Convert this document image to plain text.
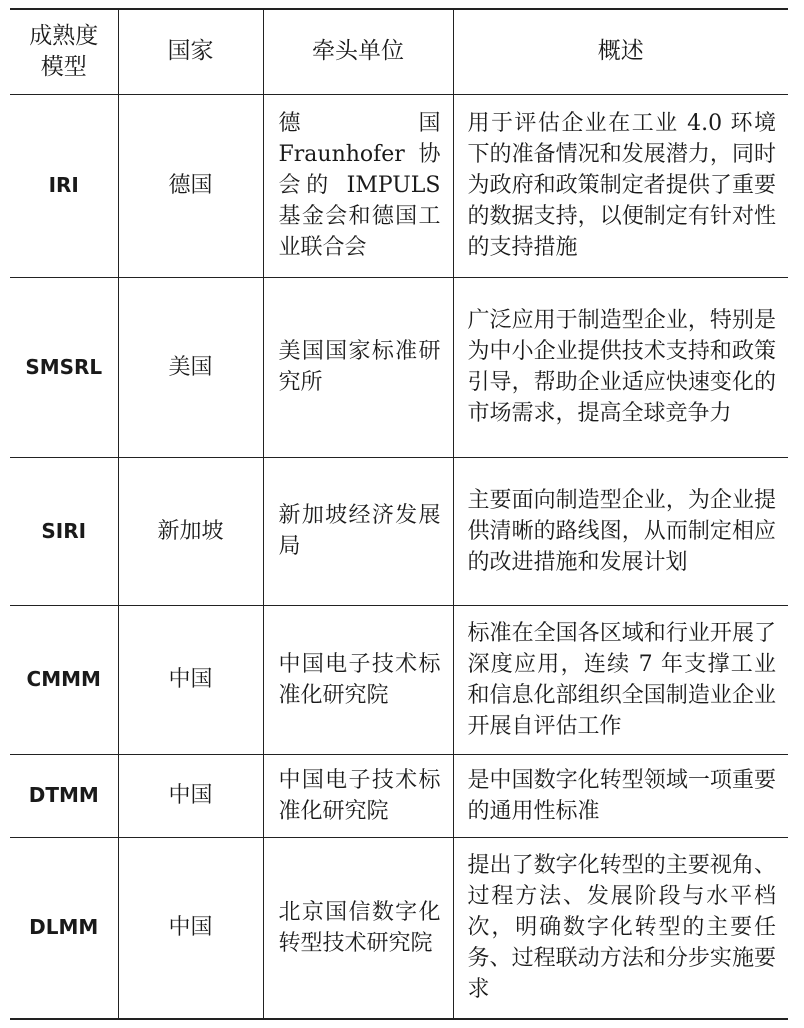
成熟度模型	国家	牵头单位	概述
IRI	德国	德国 Fraunhofer 协会的 IMPULS 基金会和德国工业联合会	用于评估企业在工业 4.0 环境下的准备情况和发展潜力，同时为政府和政策制定者提供了重要的数据支持，以便制定有针对性的支持措施

SMSRL	美国	美国国家标准研究所	广泛应用于制造型企业，特别是为中小企业提供技术支持和政策引导，帮助企业适应快速变化的市场需求，提高全球竞争力

SIRI	新加坡	新加坡经济发展局	主要面向制造型企业，为企业提供清晰的路线图，从而制定相应的改进措施和发展计划

CMMM	中国	中国电子技术标准化研究院	标准在全国各区域和行业开展了深度应用，连续 7 年支撑工业和信息化部组织全国制造业企业开展自评估工作

DTMM	中国	中国电子技术标准化研究院	是中国数字化转型领域一项重要的通用性标准

DLMM	中国	北京国信数字化转型技术研究院	提出了数字化转型的主要视角、过程方法、发展阶段与水平档次，明确数字化转型的主要任务、过程联动方法和分步实施要求
